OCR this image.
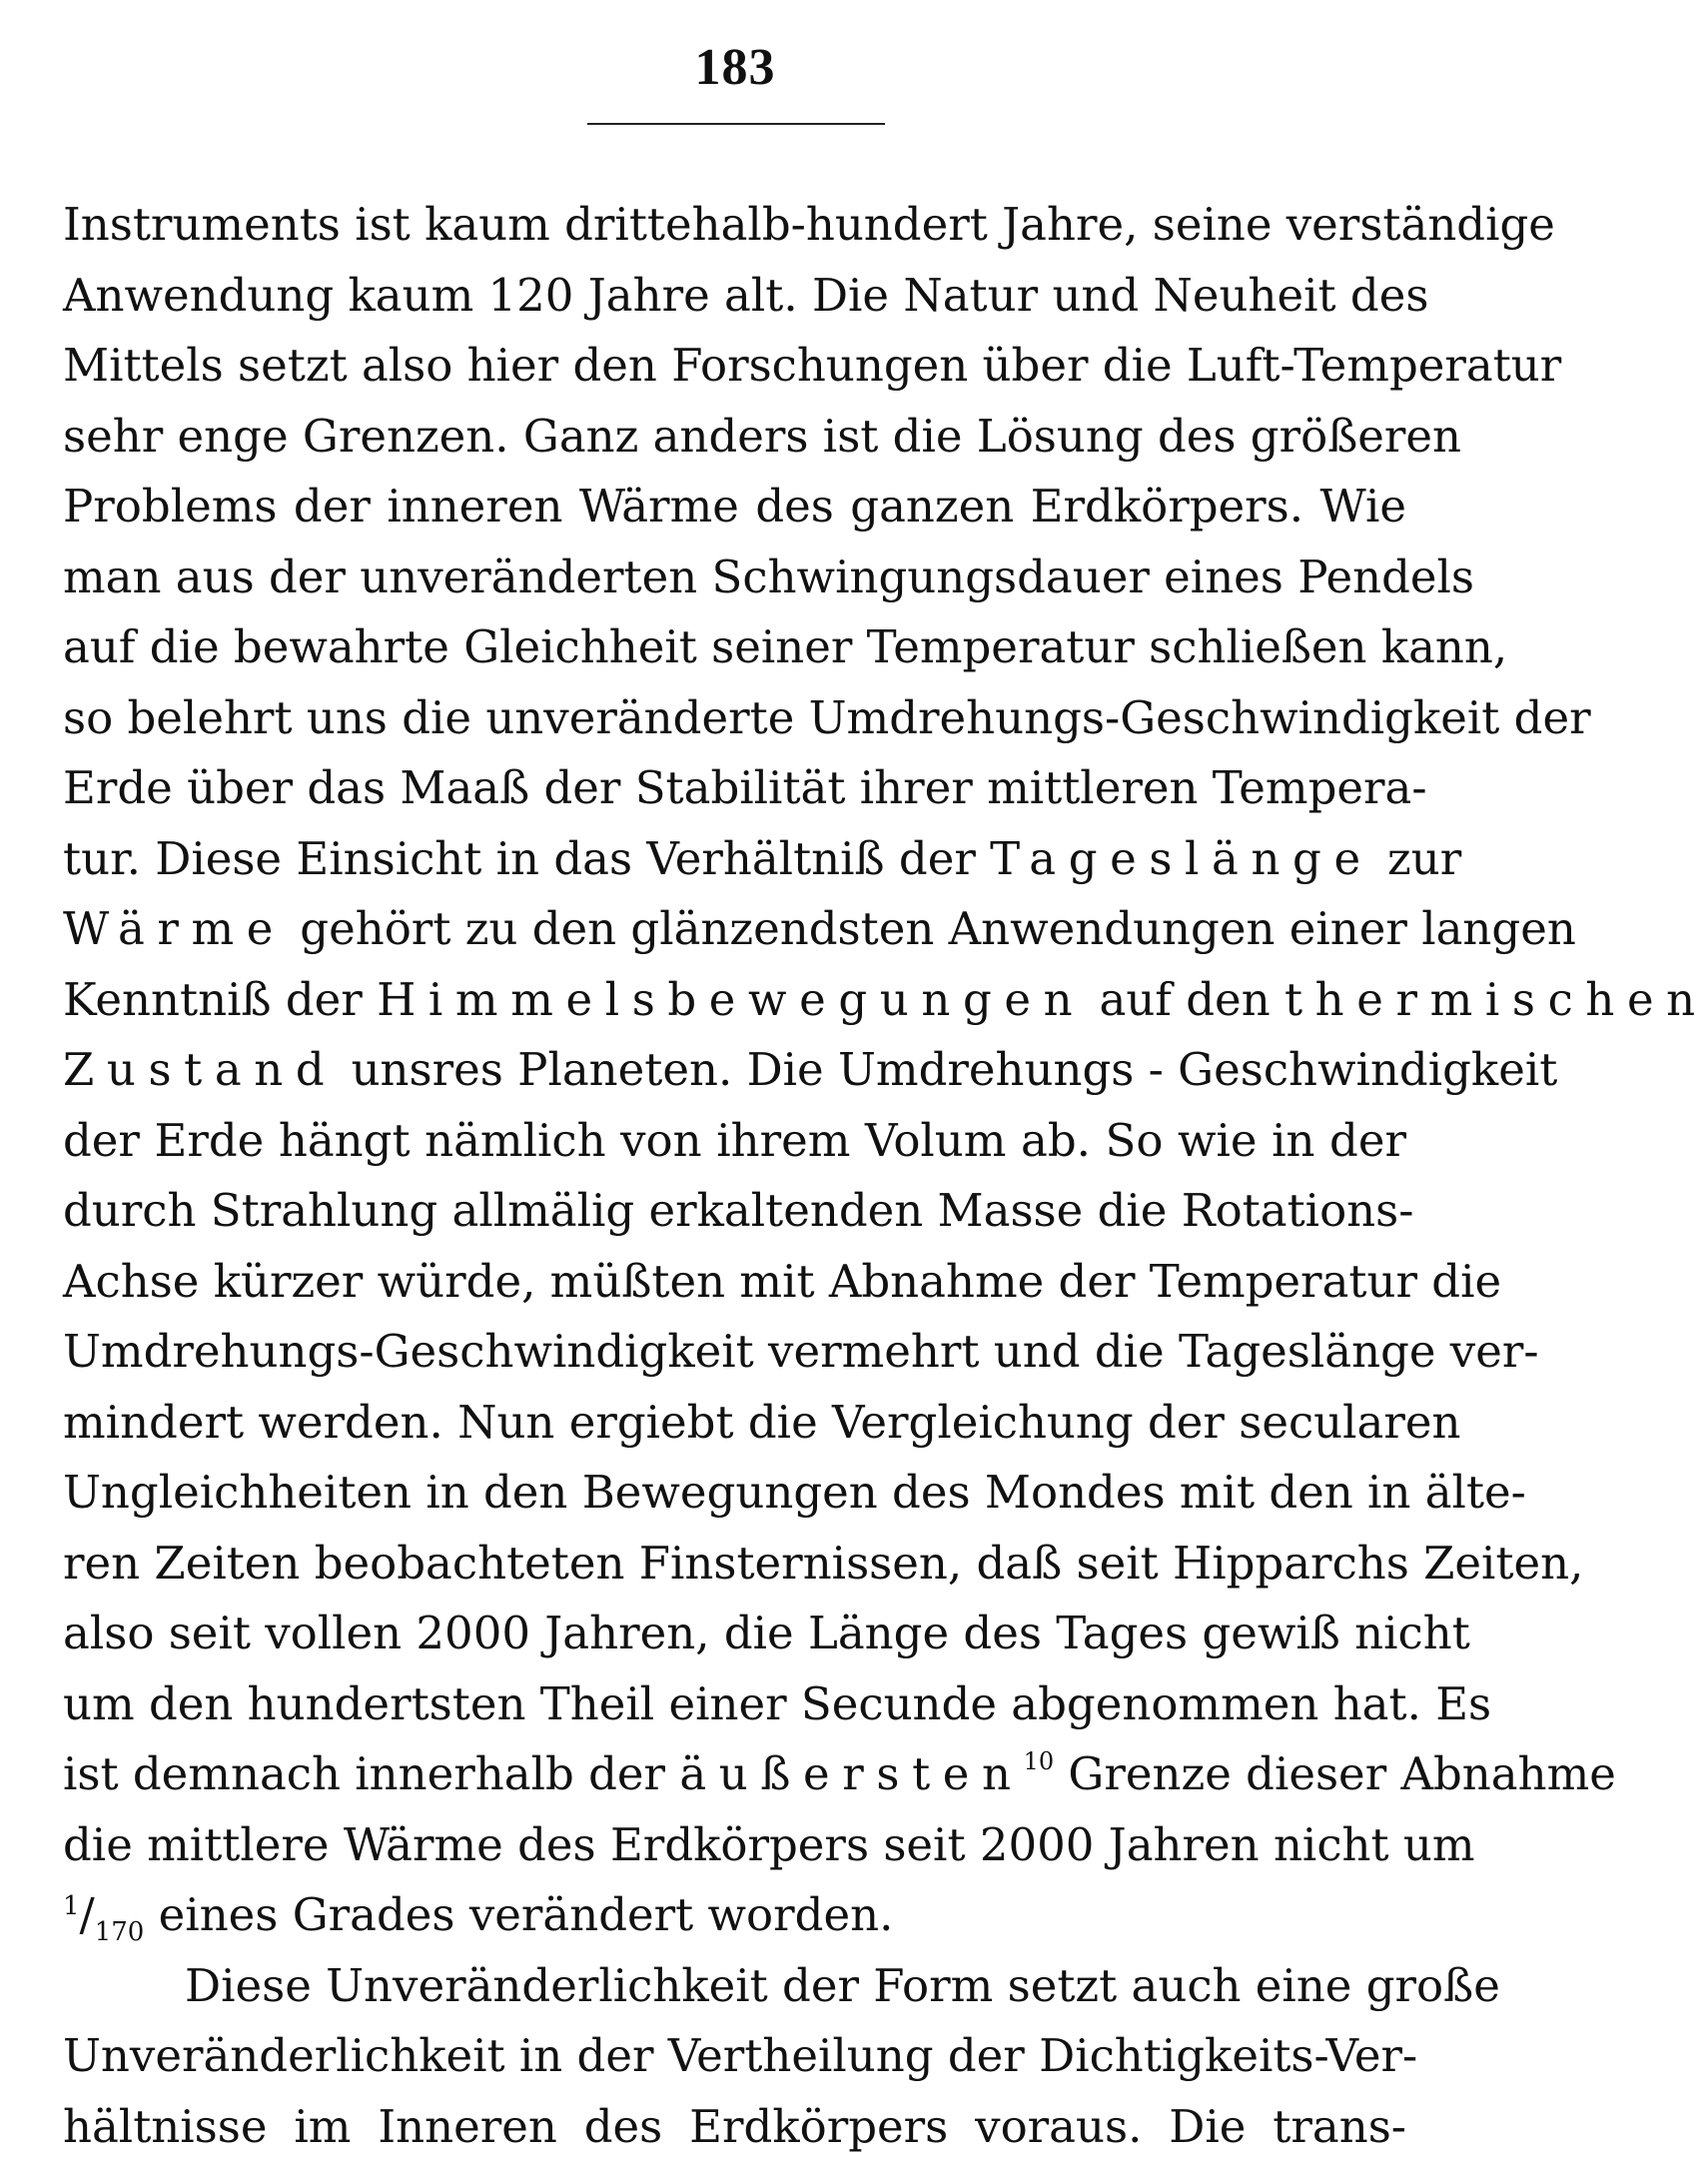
183
Instruments ist kaum drittehalb-hundert Jahre, seine verständige
Anwendung kaum 120 Jahre alt. Die Natur und Neuheit des
Mittels setzt also hier den Forschungen über die Luft-Temperatur
sehr enge Grenzen. Ganz anders ist die Lösung des größeren
Problems der inneren Wärme des ganzen Erdkörpers. Wie
man aus der unveränderten Schwingungsdauer eines Pendels
auf die bewahrte Gleichheit seiner Temperatur schließen kann,
so belehrt uns die unveränderte Umdrehungs-Geschwindigkeit der
Erde über das Maaß der Stabilität ihrer mittleren Tempera-
tur. Diese Einsicht in das Verhältniß der Tageslänge zur
Wärme gehört zu den glänzendsten Anwendungen einer langen
Kenntniß der Himmelsbewegungen auf den thermischen
Zustand unsres Planeten. Die Umdrehungs - Geschwindigkeit
der Erde hängt nämlich von ihrem Volum ab. So wie in der
durch Strahlung allmälig erkaltenden Masse die Rotations-
Achse kürzer würde, müßten mit Abnahme der Temperatur die
Umdrehungs-Geschwindigkeit vermehrt und die Tageslänge ver-
mindert werden. Nun ergiebt die Vergleichung der secularen
Ungleichheiten in den Bewegungen des Mondes mit den in älte-
ren Zeiten beobachteten Finsternissen, daß seit Hipparchs Zeiten,
also seit vollen 2000 Jahren, die Länge des Tages gewiß nicht
um den hundertsten Theil einer Secunde abgenommen hat. Es
ist demnach innerhalb der äußersten$^{10}$ Grenze dieser Abnahme
die mittlere Wärme des Erdkörpers seit 2000 Jahren nicht um
$^1/_{170}$ eines Grades verändert worden.
Diese Unveränderlichkeit der Form setzt auch eine große
Unveränderlichkeit in der Vertheilung der Dichtigkeits-Ver-
hältnisse im Inneren des Erdkörpers voraus. Die trans-
